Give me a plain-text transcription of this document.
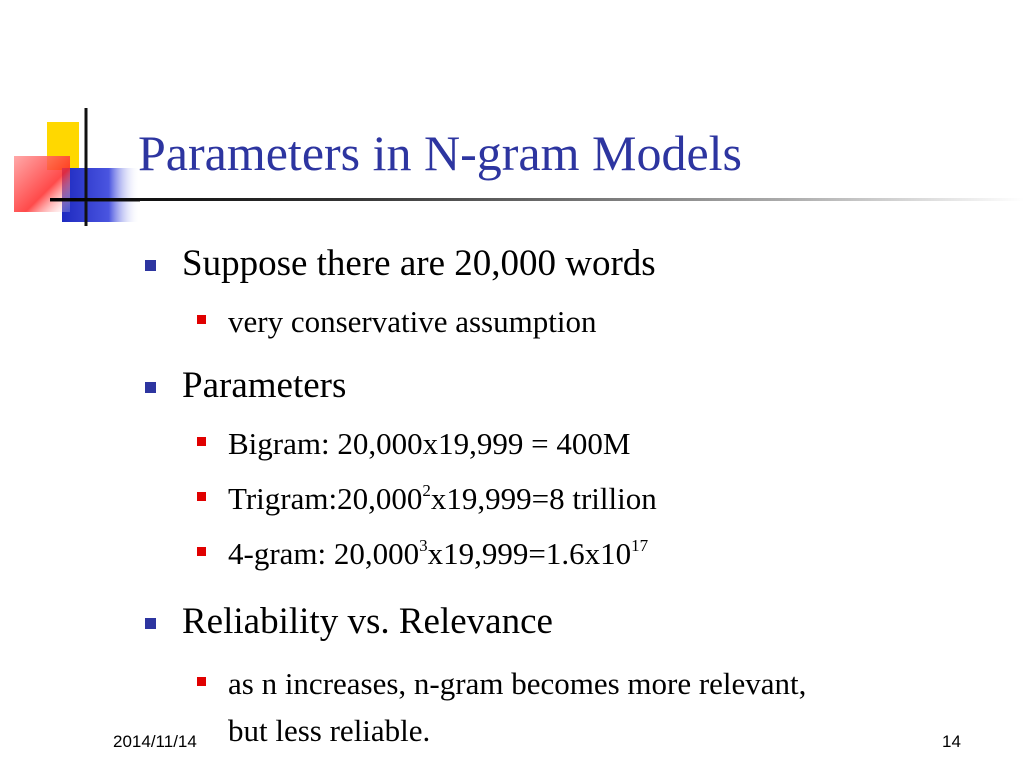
Parameters in N-gram Models
Suppose there are 20,000 words
very conservative assumption
Parameters
Bigram: 20,000x19,999 = 400M
$Trigram:20,000^2x19,999=8$ trillion
4-gram: $20,000^3x19,999=1.6x10^{17}$
Reliability vs. Relevance
as n increases, n-gram becomes more relevant,
but less reliable.
2014/11/14	14
